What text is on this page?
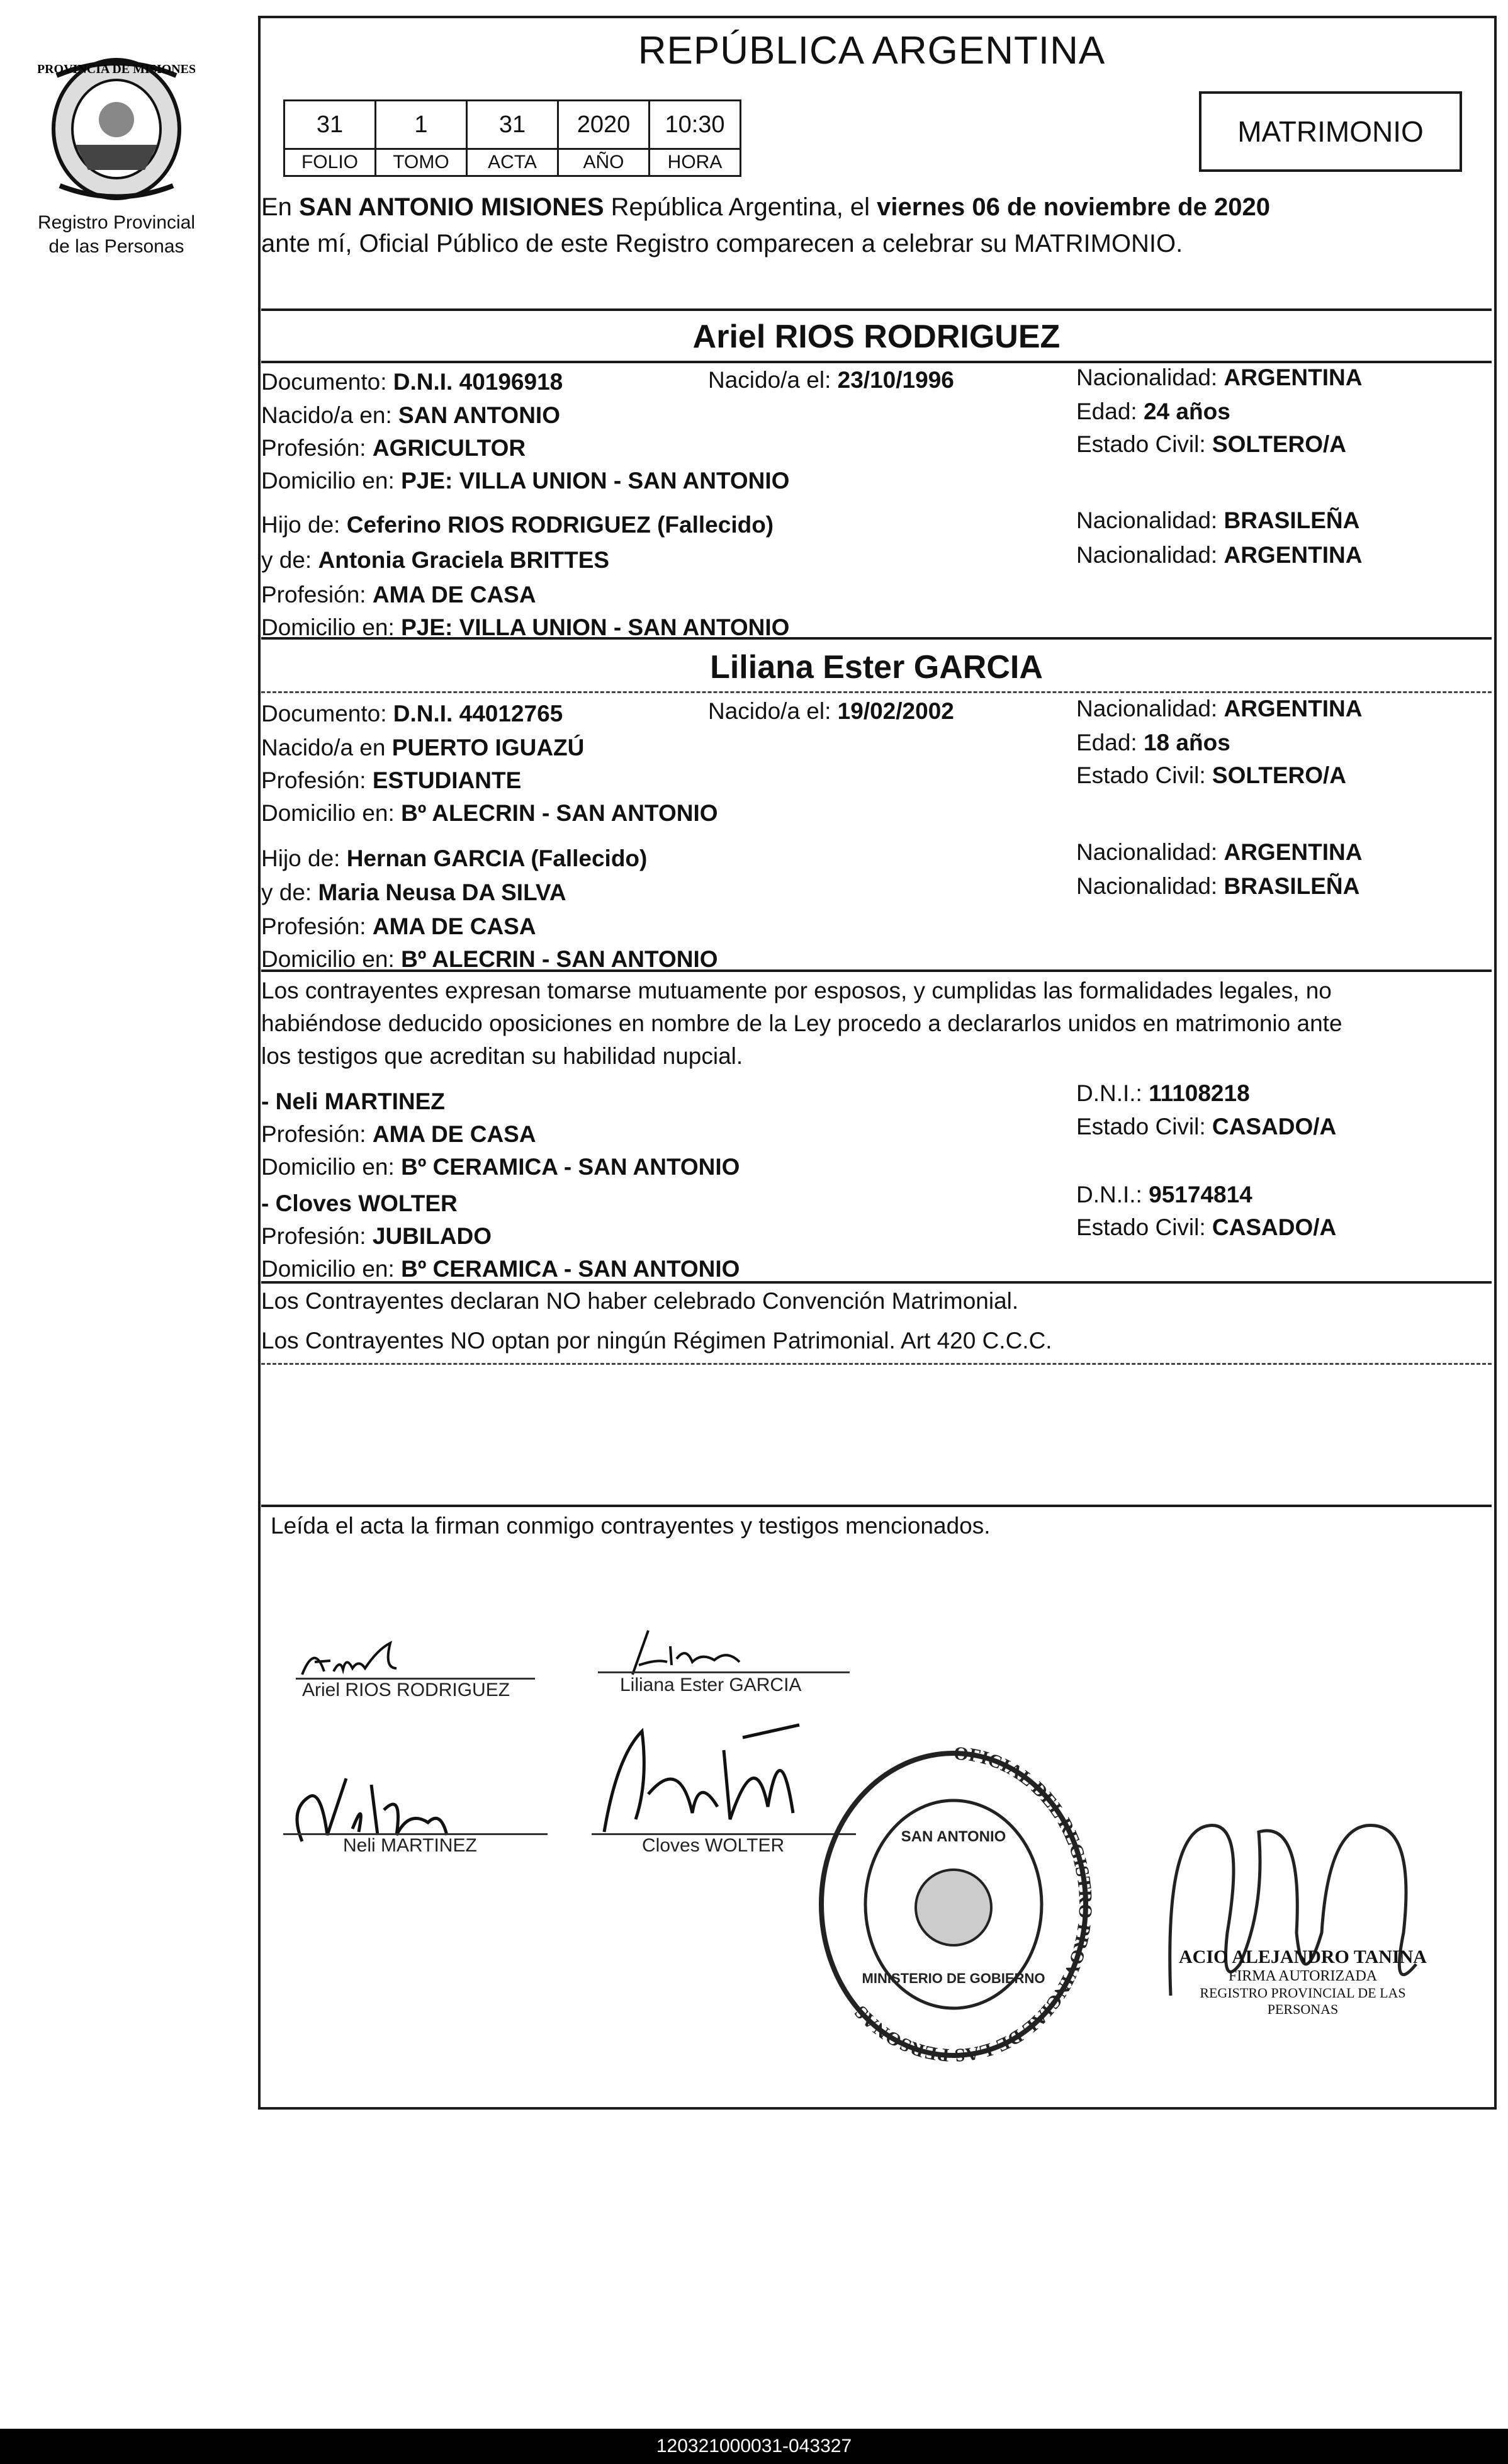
PROVINCIA DE MISIONES
Registro Provincial
de las Personas
REPÚBLICA ARGENTINA
31	1	31	2020	10:30
FOLIO	TOMO	ACTA	AÑO	HORA
MATRIMONIO
En SAN ANTONIO MISIONES República Argentina, el viernes 06 de noviembre de 2020
ante mí, Oficial Público de este Registro comparecen a celebrar su MATRIMONIO.
Ariel RIOS RODRIGUEZ
Documento: D.N.I. 40196918	Nacido/a el: 23/10/1996	Nacionalidad: ARGENTINA
Nacido/a en: SAN ANTONIO	Edad: 24 años
Profesión: AGRICULTOR	Estado Civil: SOLTERO/A
Domicilio en: PJE: VILLA UNION - SAN ANTONIO
Hijo de: Ceferino RIOS RODRIGUEZ (Fallecido)	Nacionalidad: BRASILEÑA
y de: Antonia Graciela BRITTES	Nacionalidad: ARGENTINA
Profesión: AMA DE CASA
Domicilio en: PJE: VILLA UNION - SAN ANTONIO
Liliana Ester GARCIA
Documento: D.N.I. 44012765	Nacido/a el: 19/02/2002	Nacionalidad: ARGENTINA
Nacido/a en PUERTO IGUAZÚ	Edad: 18 años
Profesión: ESTUDIANTE	Estado Civil: SOLTERO/A
Domicilio en: Bº ALECRIN - SAN ANTONIO
Hijo de: Hernan GARCIA (Fallecido)	Nacionalidad: ARGENTINA
y de: Maria Neusa DA SILVA	Nacionalidad: BRASILEÑA
Profesión: AMA DE CASA
Domicilio en: Bº ALECRIN - SAN ANTONIO
Los contrayentes expresan tomarse mutuamente por esposos, y cumplidas las formalidades legales, no
habiéndose deducido oposiciones en nombre de la Ley procedo a declararlos unidos en matrimonio ante
los testigos que acreditan su habilidad nupcial.
- Neli MARTINEZ	D.N.I.: 11108218
Profesión: AMA DE CASA	Estado Civil: CASADO/A
Domicilio en: Bº CERAMICA - SAN ANTONIO
- Cloves WOLTER	D.N.I.: 95174814
Profesión: JUBILADO	Estado Civil: CASADO/A
Domicilio en: Bº CERAMICA - SAN ANTONIO
Los Contrayentes declaran NO haber celebrado Convención Matrimonial.
Los Contrayentes NO optan por ningún Régimen Patrimonial. Art 420 C.C.C.
Leída el acta la firman conmigo contrayentes y testigos mencionados.
Ariel RIOS RODRIGUEZ	Liliana Ester GARCIA
Neli MARTINEZ	Cloves WOLTER
OFICIAL DEL REGISTRO PROVINCIAL DE LAS PERSONAS
SAN ANTONIO
MINISTERIO DE GOBIERNO
ACIO ALEJANDRO TANINA
FIRMA AUTORIZADA
REGISTRO PROVINCIAL DE LAS PERSONAS
120321000031-043327
